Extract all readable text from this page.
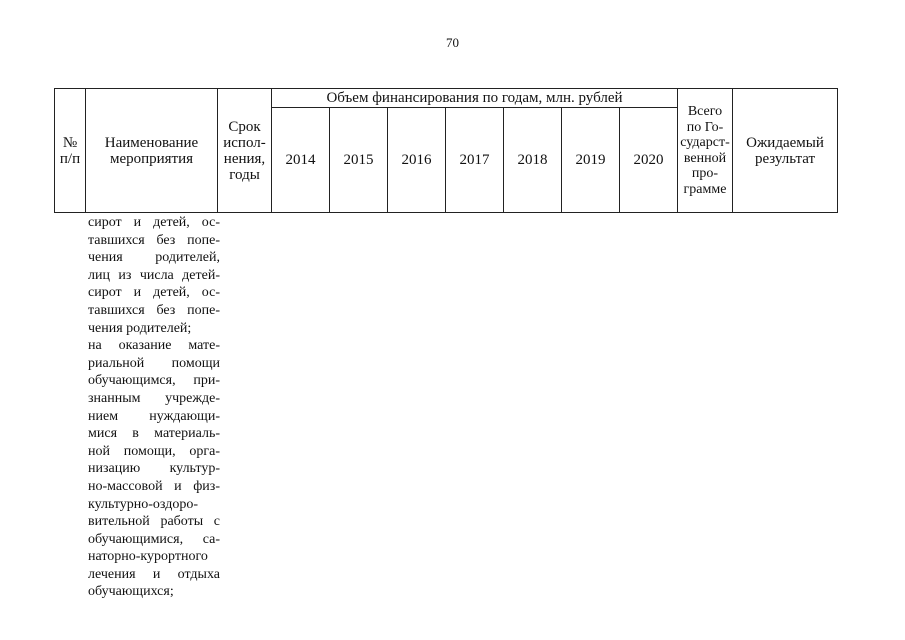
70
№ п/п	Наименование мероприятия	Срок испол- нения, годы	Объем финансирования по годам, млн. рублей							Всего по Го- сударст- венной про- грамме	Ожидаемый результат
			2014	2015	2016	2017	2018	2019	2020		
сирот и детей, ос-
тавшихся без попе-
чения родителей,
лиц из числа детей-
сирот и детей, ос-
тавшихся без попе-
чения родителей;
на оказание мате-
риальной помощи
обучающимся, при-
знанным учрежде-
нием нуждающи-
мися в материаль-
ной помощи, орга-
низацию культур-
но-массовой и физ-
культурно-оздоро-
вительной работы с
обучающимися, са-
наторно-курортного
лечения и отдыха
обучающихся;
